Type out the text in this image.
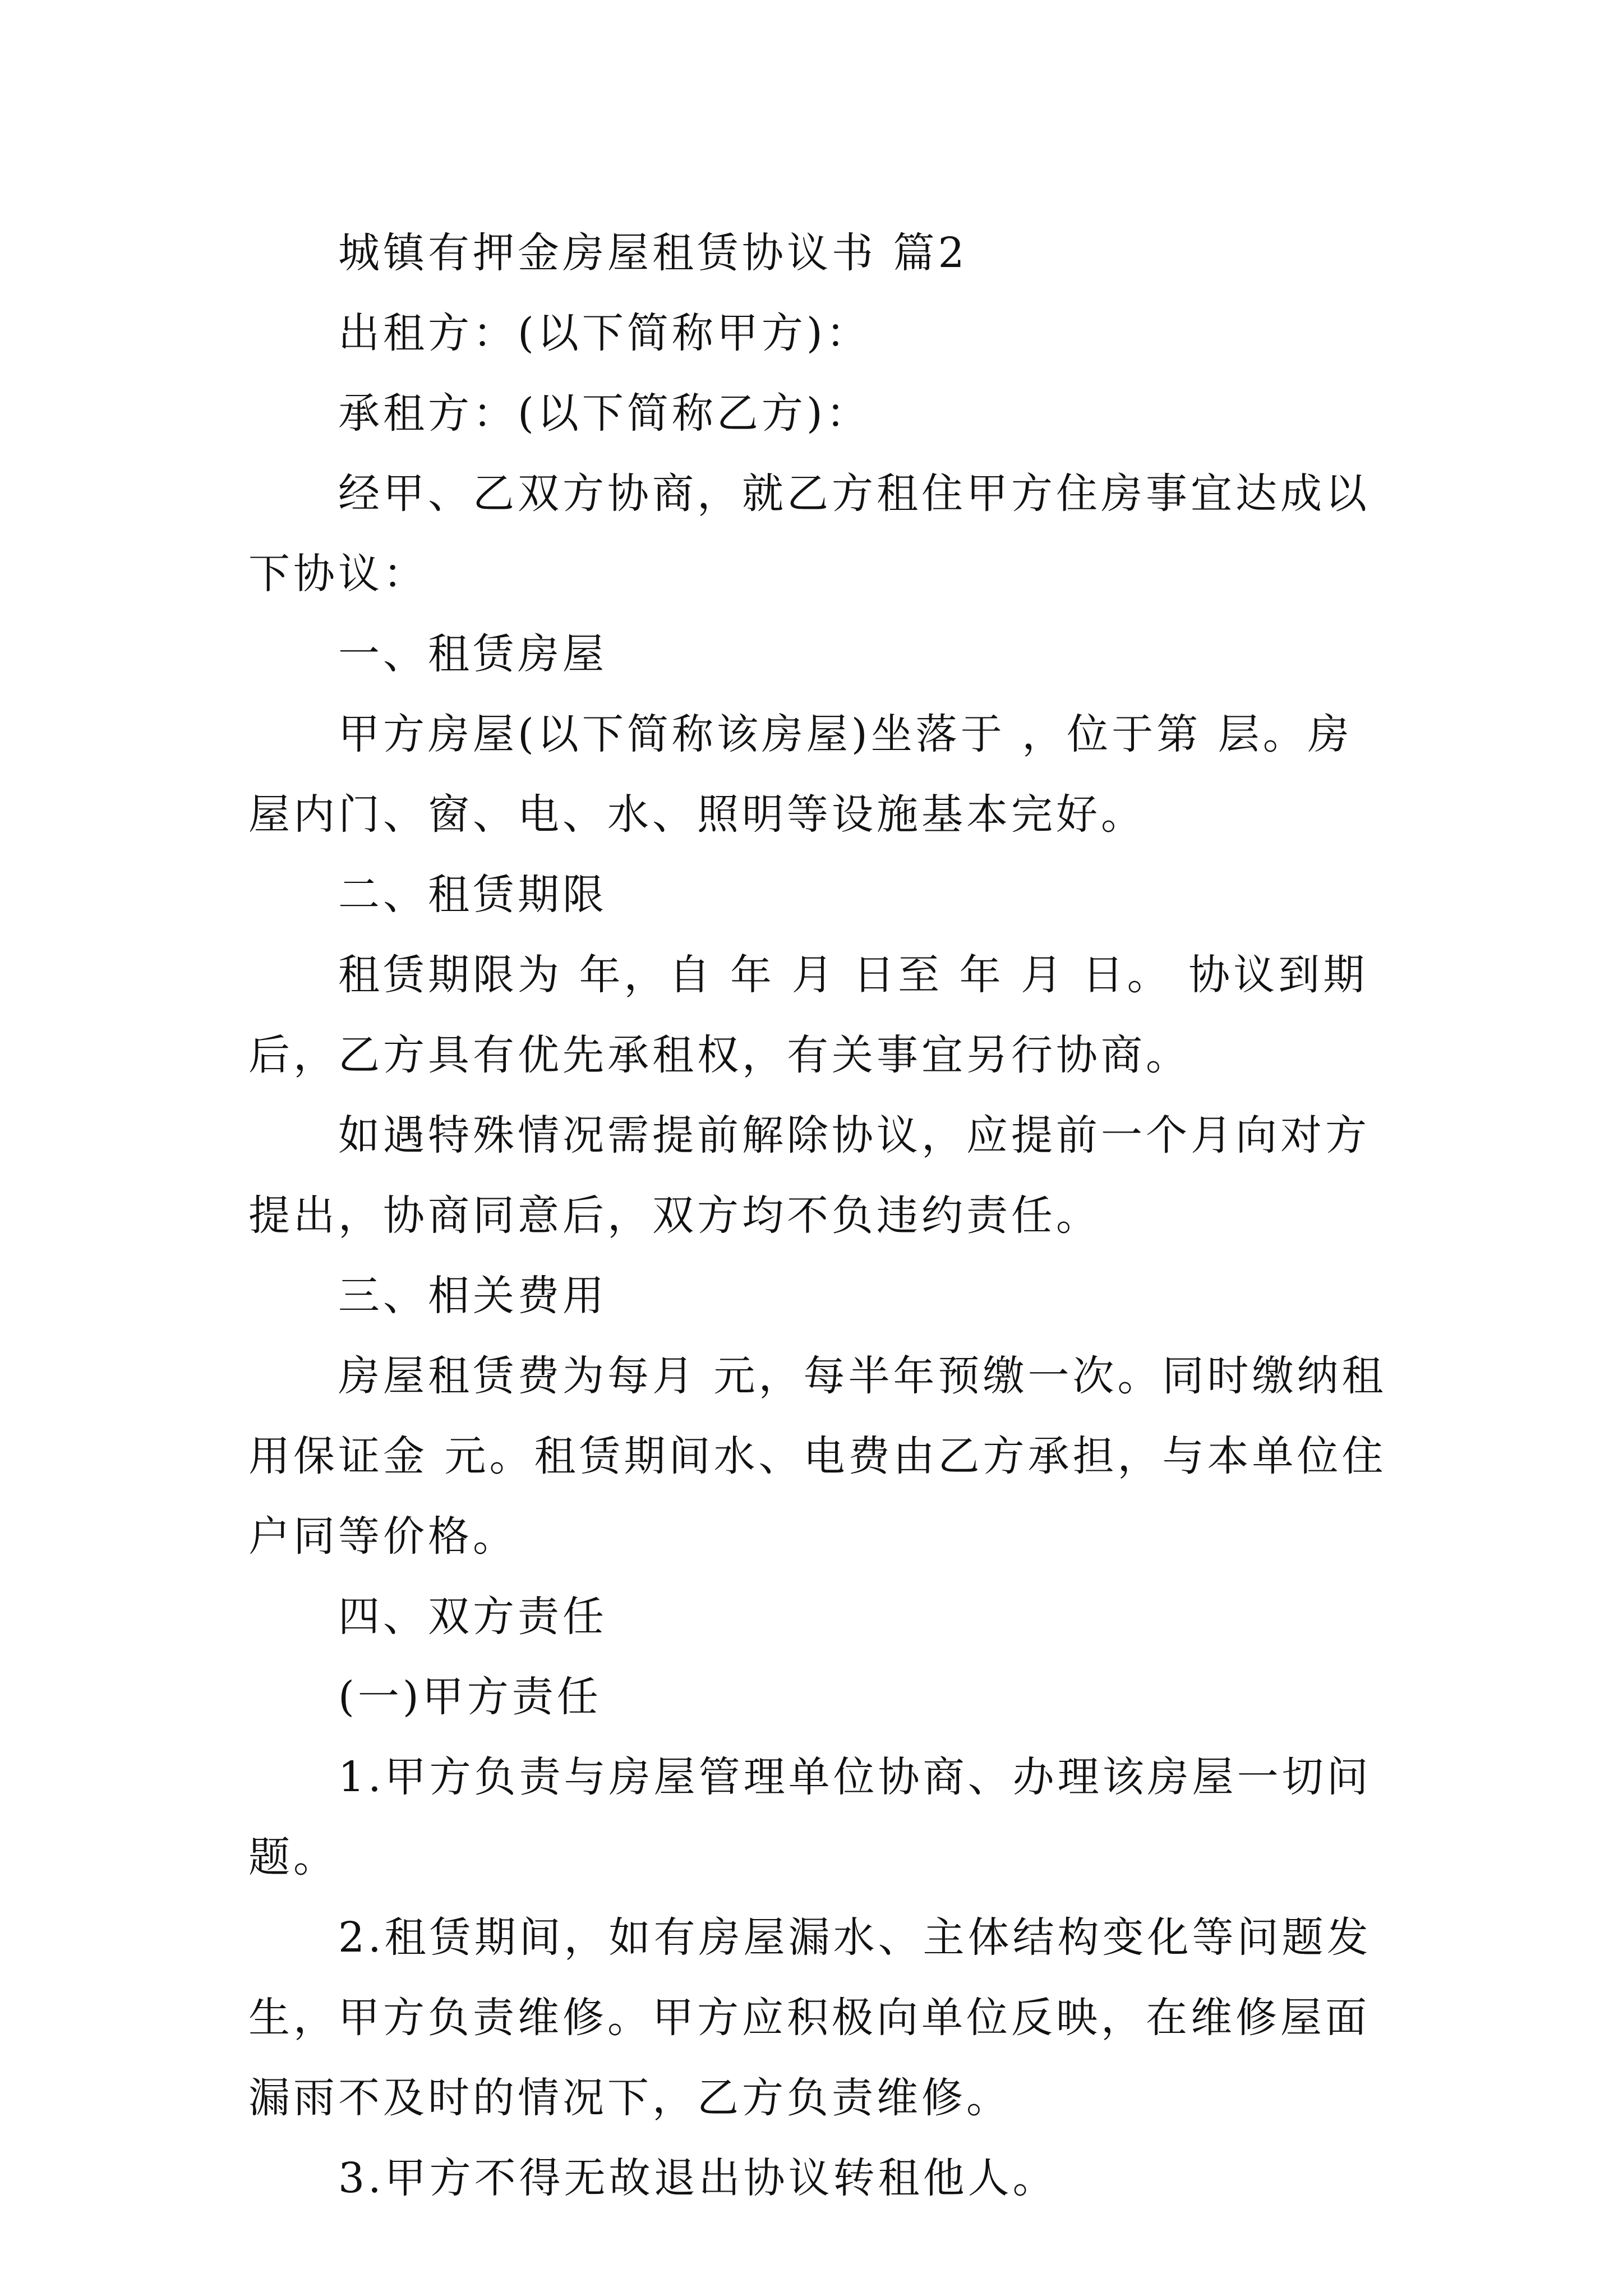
城镇有押金房屋租赁协议书 篇2

出租方：(以下简称甲方)：

承租方：(以下简称乙方)：

经甲、乙双方协商，就乙方租住甲方住房事宜达成以下协议：

一、租赁房屋

甲方房屋(以下简称该房屋)坐落于 ，位于第 层。房屋内门、窗、电、水、照明等设施基本完好。

二、租赁期限

租赁期限为 年，自 年 月 日至 年 月 日。 协议到期后，乙方具有优先承租权，有关事宜另行协商。

如遇特殊情况需提前解除协议，应提前一个月向对方提出，协商同意后，双方均不负违约责任。

三、相关费用

房屋租赁费为每月 元，每半年预缴一次。同时缴纳租用保证金 元。租赁期间水、电费由乙方承担，与本单位住户同等价格。

四、双方责任

(一)甲方责任

1.甲方负责与房屋管理单位协商、办理该房屋一切问题。

2.租赁期间，如有房屋漏水、主体结构变化等问题发生，甲方负责维修。甲方应积极向单位反映，在维修屋面漏雨不及时的情况下，乙方负责维修。

3.甲方不得无故退出协议转租他人。
